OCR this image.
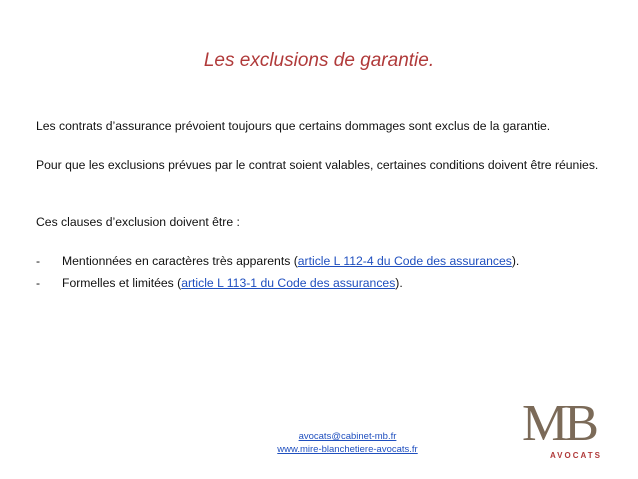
Les exclusions de garantie.
Les contrats d’assurance prévoient toujours que certains dommages sont exclus de la garantie.
Pour que les exclusions prévues par le contrat soient valables, certaines conditions doivent être réunies.
Ces clauses d’exclusion doivent être :
-	Mentionnées en caractères très apparents (article L 112-4 du Code des assurances).
-	Formelles et limitées (article L 113-1 du Code des assurances).
avocats@cabinet-mb.fr
www.mire-blanchetiere-avocats.fr	MB
AVOCATS
